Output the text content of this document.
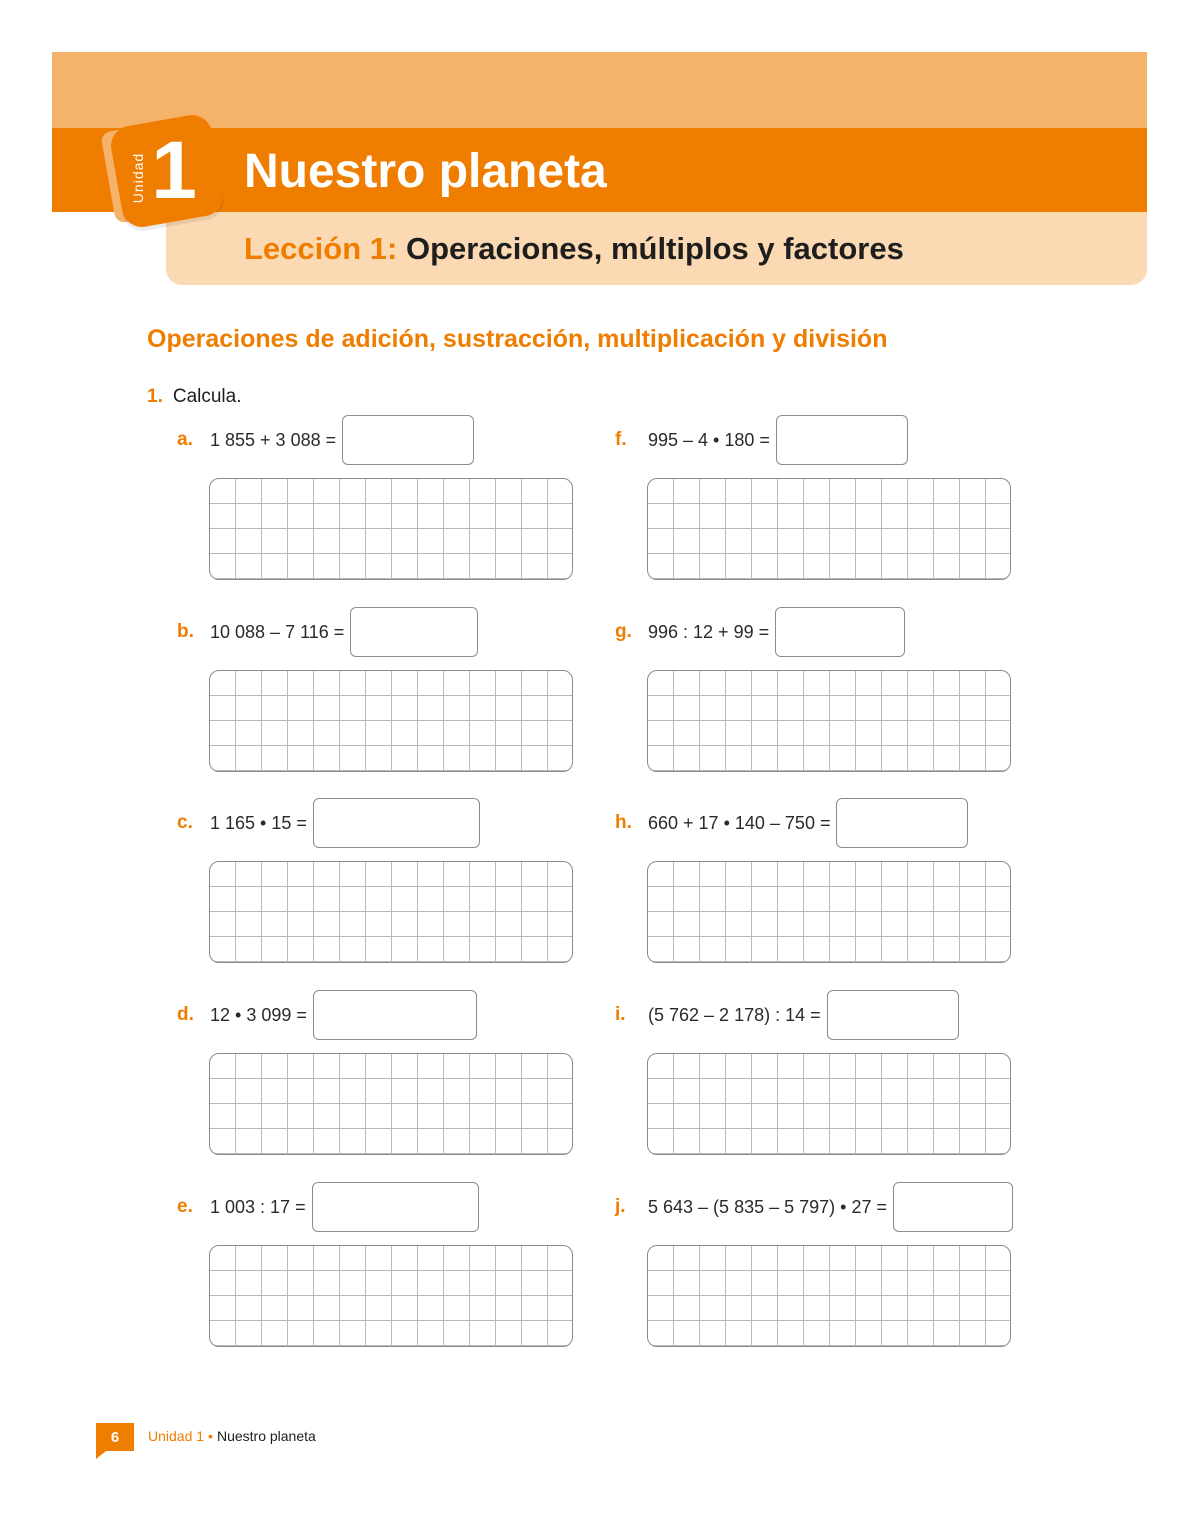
Unidad 1 Nuestro planeta
Lección 1: Operaciones, múltiplos y factores
Operaciones de adición, sustracción, multiplicación y división
1. Calcula.
a. 1 855 + 3 088 =
b. 10 088 – 7 116 =
c. 1 165 • 15 =
d. 12 • 3 099 =
e. 1 003 : 17 =
f.	995 – 4 • 180 =
g. 996 : 12 + 99 =
h. 660 + 17 • 140 – 750 =
i.	(5 762 – 2 178) : 14 =
j.	5 643 – (5 835 – 5 797) • 27 =
6 Unidad 1 • Nuestro planeta
